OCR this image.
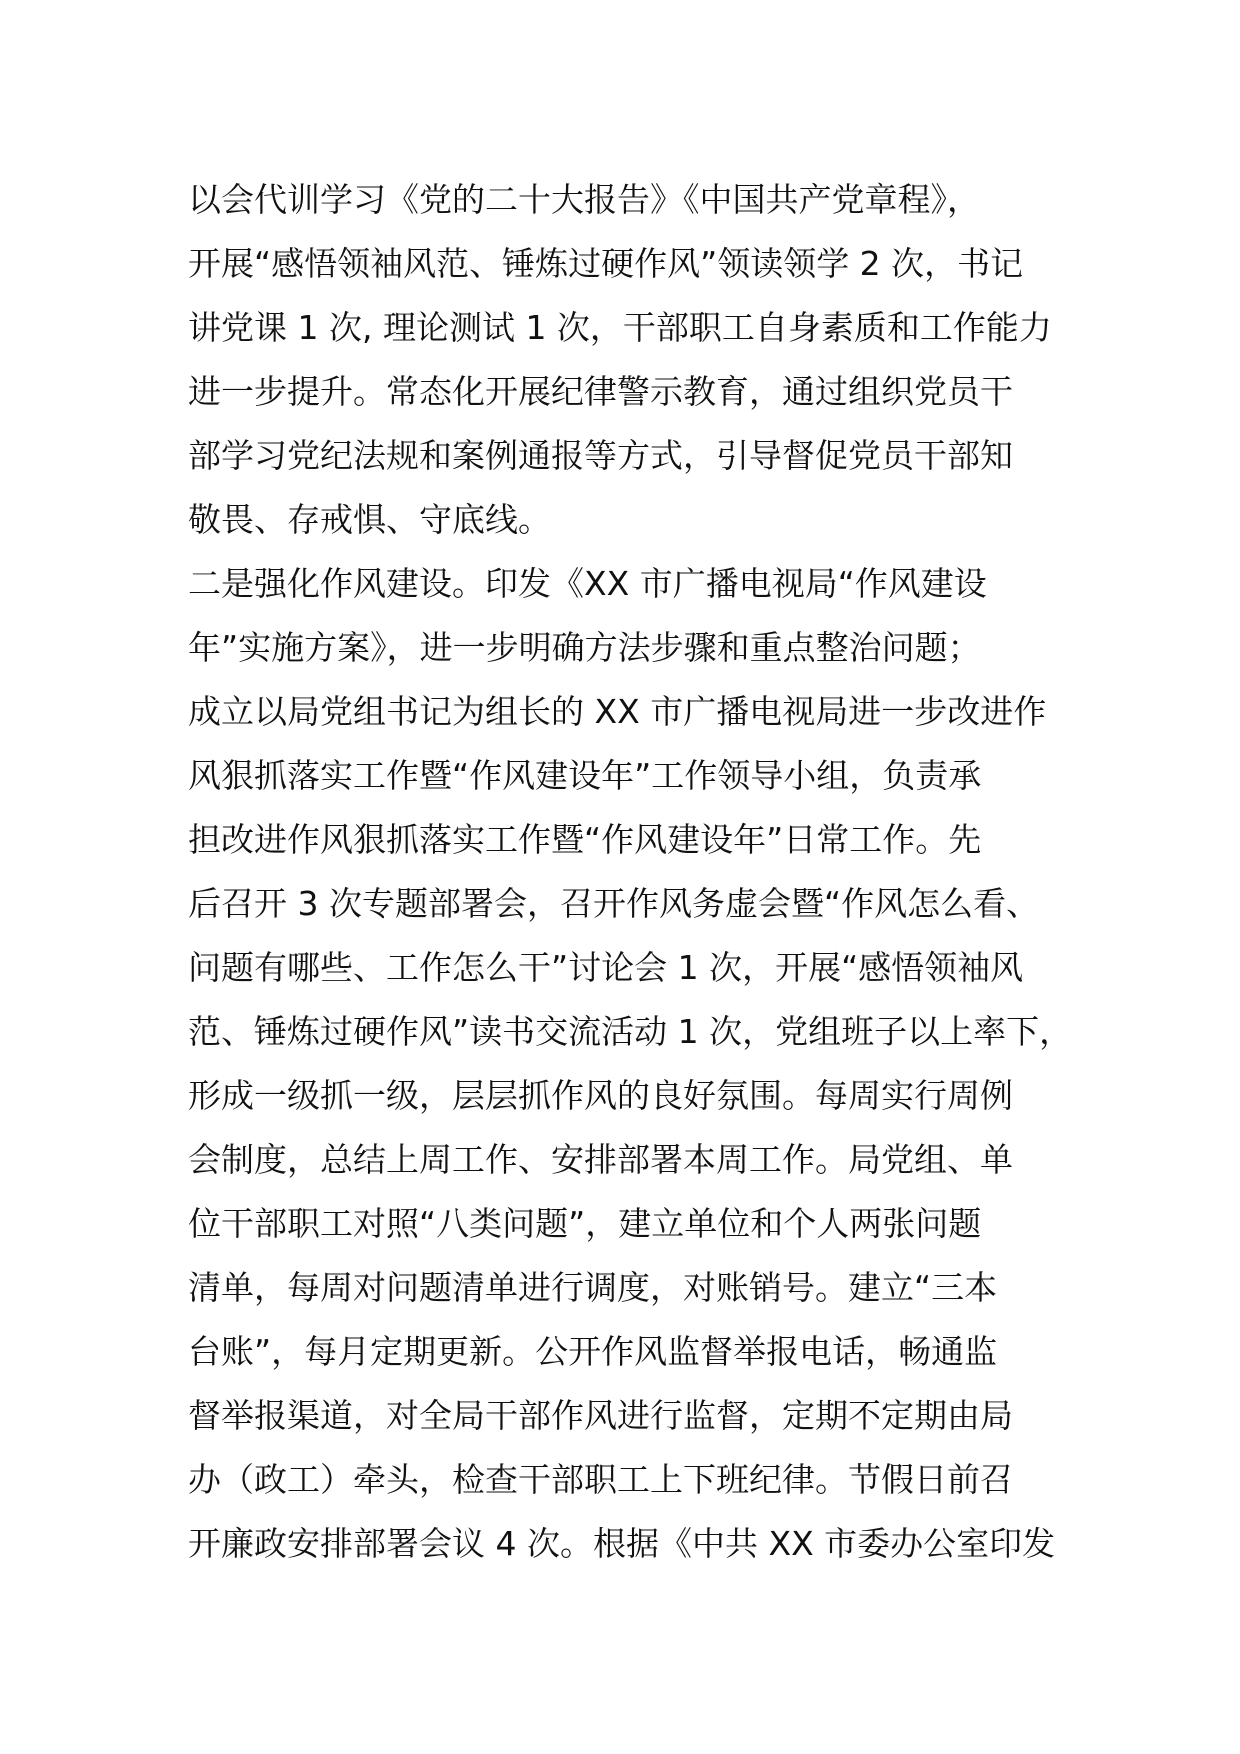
以会代训学习《党的二十大报告》《中国共产党章程》，
开展“感悟领袖风范、锤炼过硬作风”领读领学 2 次，书记
讲党课 1 次, 理论测试 1 次，干部职工自身素质和工作能力
进一步提升。常态化开展纪律警示教育，通过组织党员干
部学习党纪法规和案例通报等方式，引导督促党员干部知
敬畏、存戒惧、守底线。
二是强化作风建设。印发《XX 市广播电视局“作风建设
年”实施方案》，进一步明确方法步骤和重点整治问题；
成立以局党组书记为组长的 XX 市广播电视局进一步改进作
风狠抓落实工作暨“作风建设年”工作领导小组，负责承
担改进作风狠抓落实工作暨“作风建设年”日常工作。先
后召开 3 次专题部署会，召开作风务虚会暨“作风怎么看、
问题有哪些、工作怎么干”讨论会 1 次，开展“感悟领袖风
范、锤炼过硬作风”读书交流活动 1 次，党组班子以上率下，
形成一级抓一级，层层抓作风的良好氛围。每周实行周例
会制度，总结上周工作、安排部署本周工作。局党组、单
位干部职工对照“八类问题”，建立单位和个人两张问题
清单，每周对问题清单进行调度，对账销号。建立“三本
台账”，每月定期更新。公开作风监督举报电话，畅通监
督举报渠道，对全局干部作风进行监督，定期不定期由局
办（政工）牵头，检查干部职工上下班纪律。节假日前召
开廉政安排部署会议 4 次。根据《中共 XX 市委办公室印发
